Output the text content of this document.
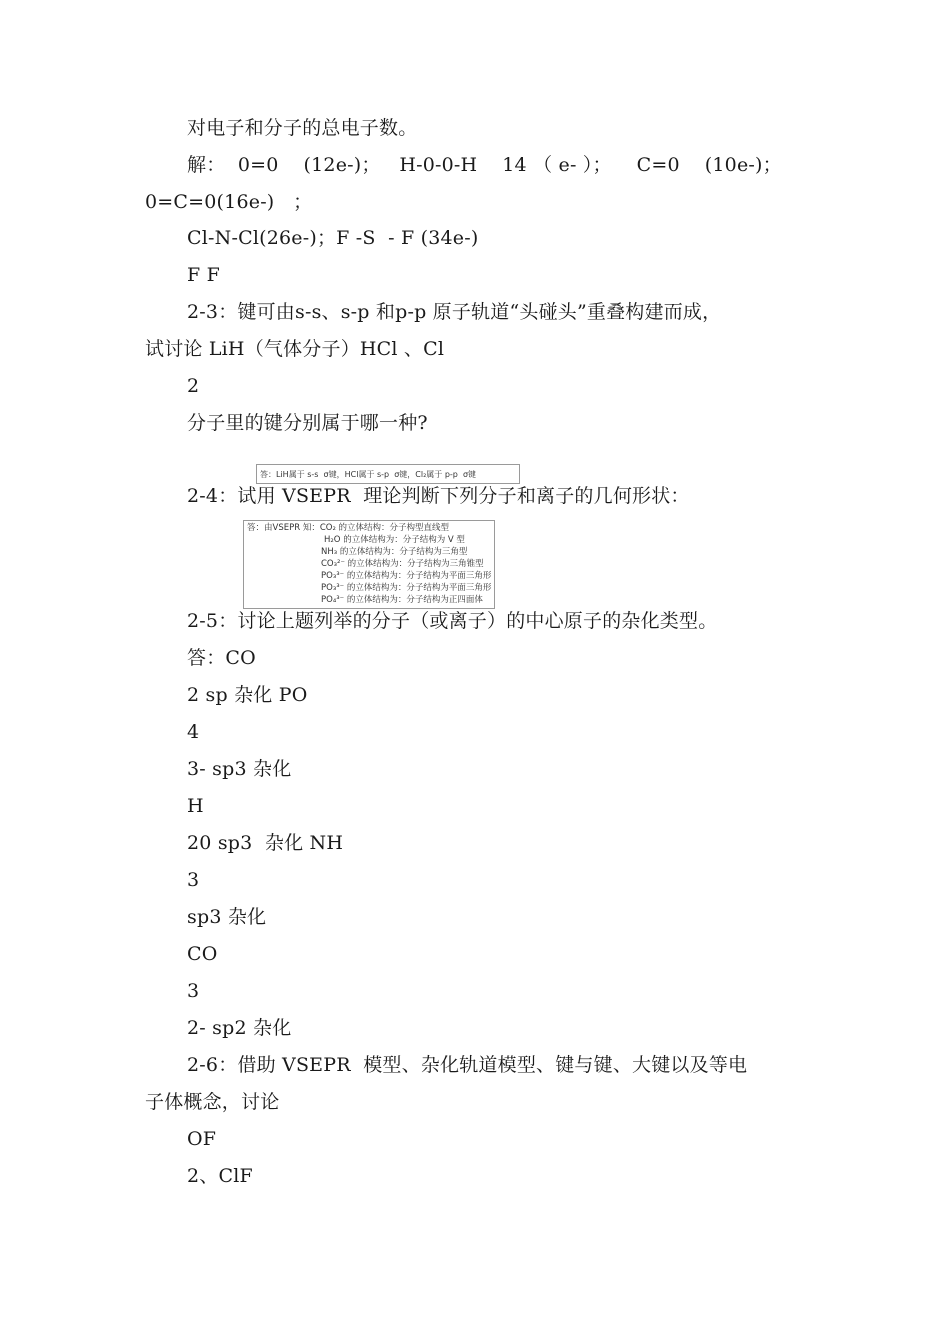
对电子和分子的总电子数。
解：  0=0    (12e-)；   H-0-0-H    14 （ e- ）；    C=0    (10e-)；
0=C=0(16e-)   ；
Cl-N-Cl(26e-)；F -S  - F (34e-)
F F
2-3：键可由s-s、s-p 和p-p 原子轨道“头碰头”重叠构建而成，
试讨论 LiH（气体分子）HCl 、Cl
2
分子里的键分别属于哪一种?
答：LiH属于 s-s  σ键，HCl属于 s-p  σ键，Cl₂属于 p-p  σ键
2-4：试用 VSEPR  理论判断下列分子和离子的几何形状：

答：由VSEPR 知：CO₂ 的立体结构：分子构型直线型

H₂O 的立体结构为：分子结构为 V 型

NH₃ 的立体结构为：分子结构为三角型

CO₃²⁻ 的立体结构为：分子结构为三角锥型

PO₃³⁻ 的立体结构为：分子结构为平面三角形

PO₃³⁻ 的立体结构为：分子结构为平面三角形

PO₄³⁻ 的立体结构为：分子结构为正四面体

2-5：讨论上题列举的分子（或离子）的中心原子的杂化类型。
答：CO
2 sp 杂化 PO
4
3- sp3 杂化
H
20 sp3  杂化 NH
3
sp3 杂化
CO
3
2- sp2 杂化
2-6：借助 VSEPR  模型、杂化轨道模型、键与键、大键以及等电
子体概念，讨论
OF
2、ClF
